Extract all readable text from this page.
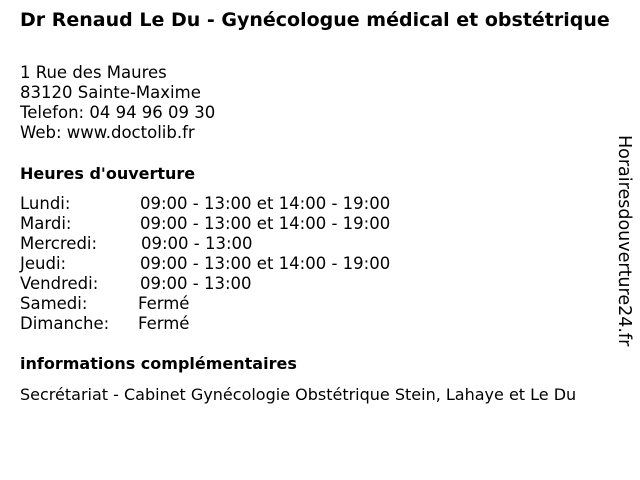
Dr Renaud Le Du - Gynécologue médical et obstétrique
1 Rue des Maures
83120 Sainte-Maxime
Telefon: 04 94 96 09 30
Web: www.doctolib.fr
Heures d'ouverture
Lundi:	09:00 - 13:00 et 14:00 - 19:00
Mardi:	09:00 - 13:00 et 14:00 - 19:00
Mercredi:	09:00 - 13:00
Jeudi:	09:00 - 13:00 et 14:00 - 19:00
Vendredi:	09:00 - 13:00
Samedi:	Fermé
Dimanche: Fermé
informations complémentaires
Secrétariat - Cabinet Gynécologie Obstétrique Stein, Lahaye et Le Du
Horairesdouverture24.fr
